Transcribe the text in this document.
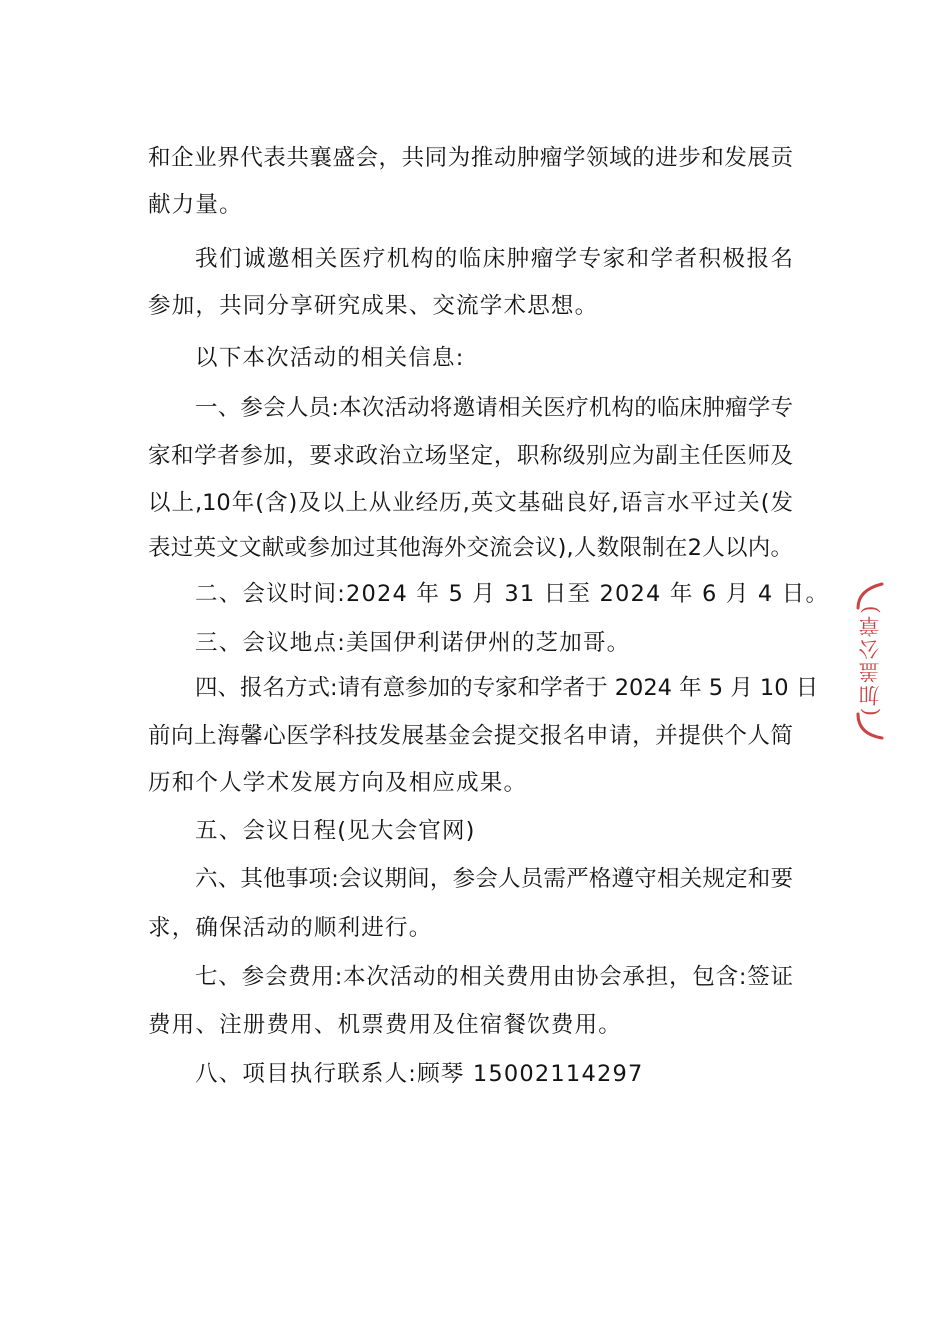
和企业界代表共襄盛会，共同为推动肿瘤学领域的进步和发展贡
献力量。
我们诚邀相关医疗机构的临床肿瘤学专家和学者积极报名
参加，共同分享研究成果、交流学术思想。
以下本次活动的相关信息:
一、参会人员:本次活动将邀请相关医疗机构的临床肿瘤学专
家和学者参加，要求政治立场坚定，职称级别应为副主任医师及
以上,10年(含)及以上从业经历,英文基础良好,语言水平过关(发
表过英文文献或参加过其他海外交流会议),人数限制在2人以内。
二、会议时间:2024 年 5 月 31 日至 2024 年 6 月 4 日。
三、会议地点:美国伊利诺伊州的芝加哥。
四、报名方式:请有意参加的专家和学者于 2024 年 5 月 10 日
前向上海馨心医学科技发展基金会提交报名申请，并提供个人简
历和个人学术发展方向及相应成果。
五、会议日程(见大会官网)
六、其他事项:会议期间，参会人员需严格遵守相关规定和要
求，确保活动的顺利进行。
七、参会费用:本次活动的相关费用由协会承担，包含:签证
费用、注册费用、机票费用及住宿餐饮费用。
八、项目执行联系人:顾琴 15002114297
(加盖公章)
